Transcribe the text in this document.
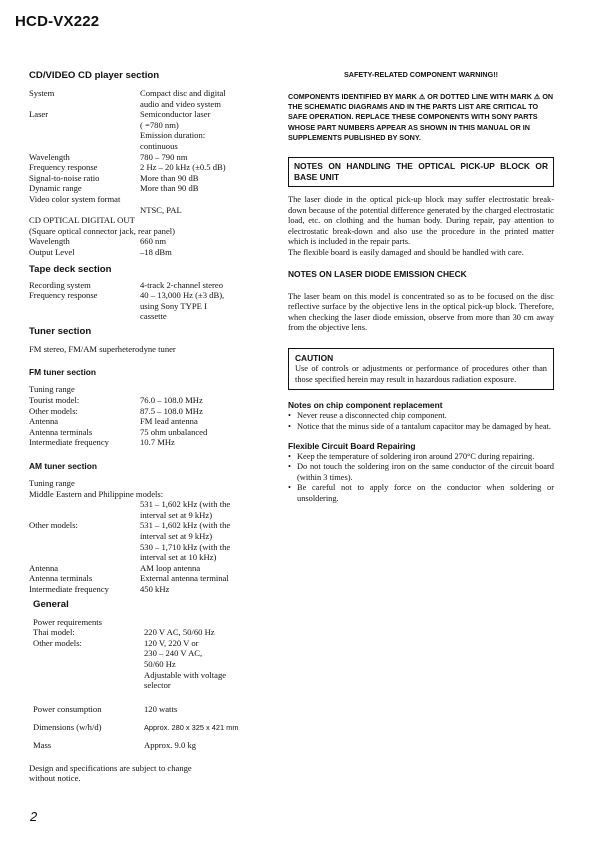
HCD-VX222
CD/VIDEO CD player section
System	Compact disc and digital
audio and video system
Laser	Semiconductor laser
( =780 nm)
Emission duration:
continuous
Wavelength	780 – 790 nm
Frequency response	2 Hz – 20 kHz (±0.5 dB)
Signal-to-noise ratio	More than 90 dB
Dynamic range	More than 90 dB
Video color system format
NTSC, PAL
CD OPTICAL DIGITAL OUT
(Square optical connector jack, rear panel)
Wavelength	660 nm
Output Level	–18 dBm
Tape deck section
Recording system	4-track 2-channel stereo
Frequency response	40 – 13,000 Hz (±3 dB),
using Sony TYPE I
cassette
Tuner section
FM stereo, FM/AM superheterodyne tuner
FM tuner section
Tuning range
Tourist model:	76.0 – 108.0 MHz
Other models:	87.5 – 108.0 MHz
Antenna	FM lead antenna
Antenna terminals	75 ohm unbalanced
Intermediate frequency	10.7 MHz
AM tuner section
Tuning range
Middle Eastern and Philippine models:
531 – 1,602 kHz (with the
interval set at 9 kHz)
Other models:	531 – 1,602 kHz (with the
interval set at 9 kHz)
530 – 1,710 kHz (with the
interval set at 10 kHz)
Antenna	AM loop antenna
Antenna terminals	External antenna terminal
Intermediate frequency	450 kHz
General
Power requirements
Thai model:	220 V AC, 50/60 Hz
Other models:	120 V, 220 V or
230 – 240 V AC,
50/60 Hz
Adjustable with voltage
selector
Power consumption	120 watts
Dimensions (w/h/d)	Approx. 280 x 325 x 421 mm
Mass	Approx. 9.0 kg
Design and specifications are subject to change
without notice.
SAFETY-RELATED COMPONENT WARNING!!
COMPONENTS IDENTIFIED BY MARK ⚠ OR DOTTED LINE WITH MARK ⚠ ON THE SCHEMATIC DIAGRAMS AND IN THE PARTS LIST ARE CRITICAL TO SAFE OPERATION. REPLACE THESE COMPONENTS WITH SONY PARTS WHOSE PART NUMBERS APPEAR AS SHOWN IN THIS MANUAL OR IN SUPPLEMENTS PUBLISHED BY SONY.
NOTES ON HANDLING THE OPTICAL PICK-UP BLOCK OR BASE UNIT
The laser diode in the optical pick-up block may suffer electrostatic break-down because of the potential difference generated by the charged electrostatic load, etc. on clothing and the human body. During repair, pay attention to electrostatic break-down and also use the procedure in the printed matter which is included in the repair parts.
The flexible board is easily damaged and should be handled with care.
NOTES ON LASER DIODE EMISSION CHECK
The laser beam on this model is concentrated so as to be focused on the disc reflective surface by the objective lens in the optical pick-up block. Therefore, when checking the laser diode emission, observe from more than 30 cm away from the objective lens.
CAUTION
Use of controls or adjustments or performance of procedures other than those specified herein may result in hazardous radiation exposure.
Notes on chip component replacement
• Never reuse a disconnected chip component.
• Notice that the minus side of a tantalum capacitor may be damaged by heat.
Flexible Circuit Board Repairing
• Keep the temperature of soldering iron around 270°C during repairing.
• Do not touch the soldering iron on the same conductor of the circuit board (within 3 times).
• Be careful not to apply force on the conductor when soldering or unsoldering.
2
